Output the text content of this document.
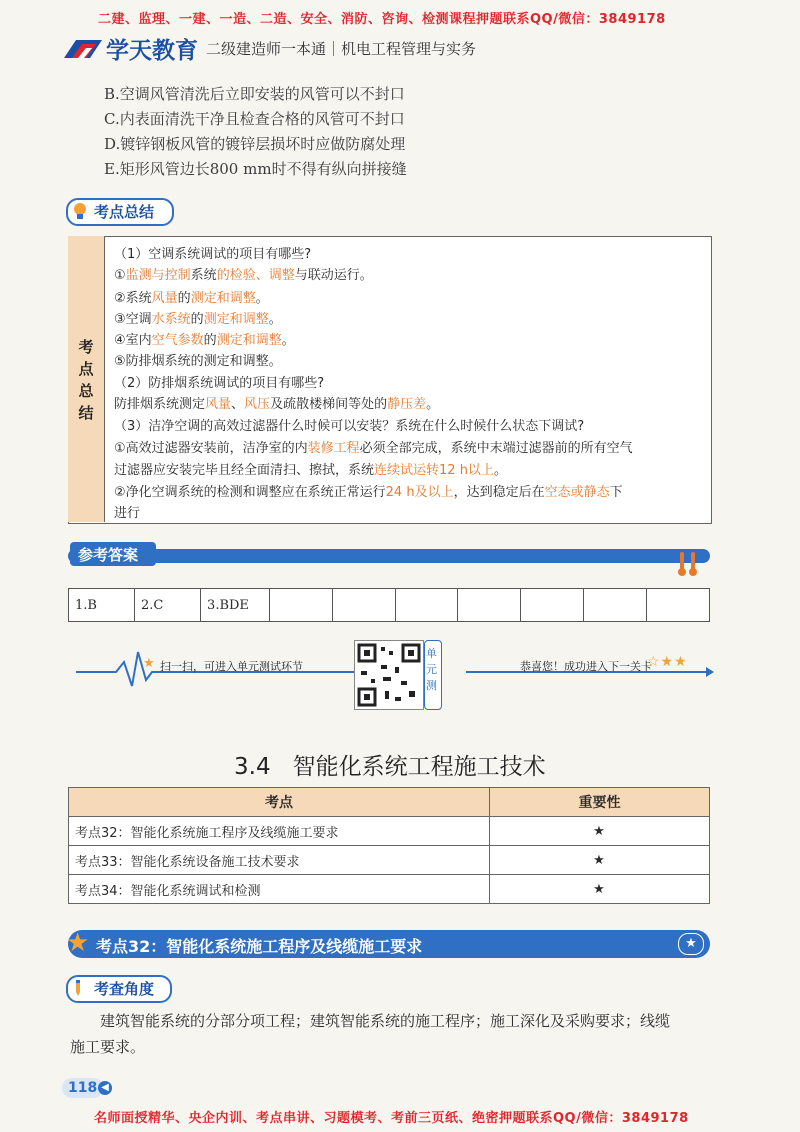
二建、监理、一建、一造、二造、安全、消防、咨询、检测课程押题联系QQ/微信：3849178
学天教育 二级建造师一本通｜机电工程管理与实务
B.空调风管清洗后立即安装的风管可以不封口
C.内表面清洗干净且检查合格的风管可不封口
D.镀锌钢板风管的镀锌层损坏时应做防腐处理
E.矩形风管边长800 mm时不得有纵向拼接缝
考点总结
考
点
总
结
（1）空调系统调试的项目有哪些?
①监测与控制系统的检验、调整与联动运行。
②系统风量的测定和调整。
③空调水系统的测定和调整。
④室内空气参数的测定和调整。
⑤防排烟系统的测定和调整。
（2）防排烟系统调试的项目有哪些?
防排烟系统测定风量、风压及疏散楼梯间等处的静压差。
（3）洁净空调的高效过滤器什么时候可以安装？系统在什么时候什么状态下调试?
①高效过滤器安装前，洁净室的内装修工程必须全部完成，系统中末端过滤器前的所有空气
过滤器应安装完毕且经全面清扫、擦拭，系统连续试运转12 h以上。
②净化空调系统的检测和调整应在系统正常运行24 h及以上，达到稳定后在空态或静态下
进行
参考答案
1.B	2.C	3.BDE							
★ 扫一扫，可进入单元测试环节
单元测
恭喜您！成功进入下一关卡
☆★★
3.4 智能化系统工程施工技术
考点	重要性
考点32：智能化系统施工程序及线缆施工要求	★
考点33：智能化系统设备施工技术要求	★
考点34：智能化系统调试和检测	★
★ 考点32：智能化系统施工程序及线缆施工要求	★
考查角度
建筑智能系统的分部分项工程；建筑智能系统的施工程序；施工深化及采购要求；线缆
施工要求。
118 ◀
名师面授精华、央企内训、考点串讲、习题模考、考前三页纸、绝密押题联系QQ/微信：3849178
